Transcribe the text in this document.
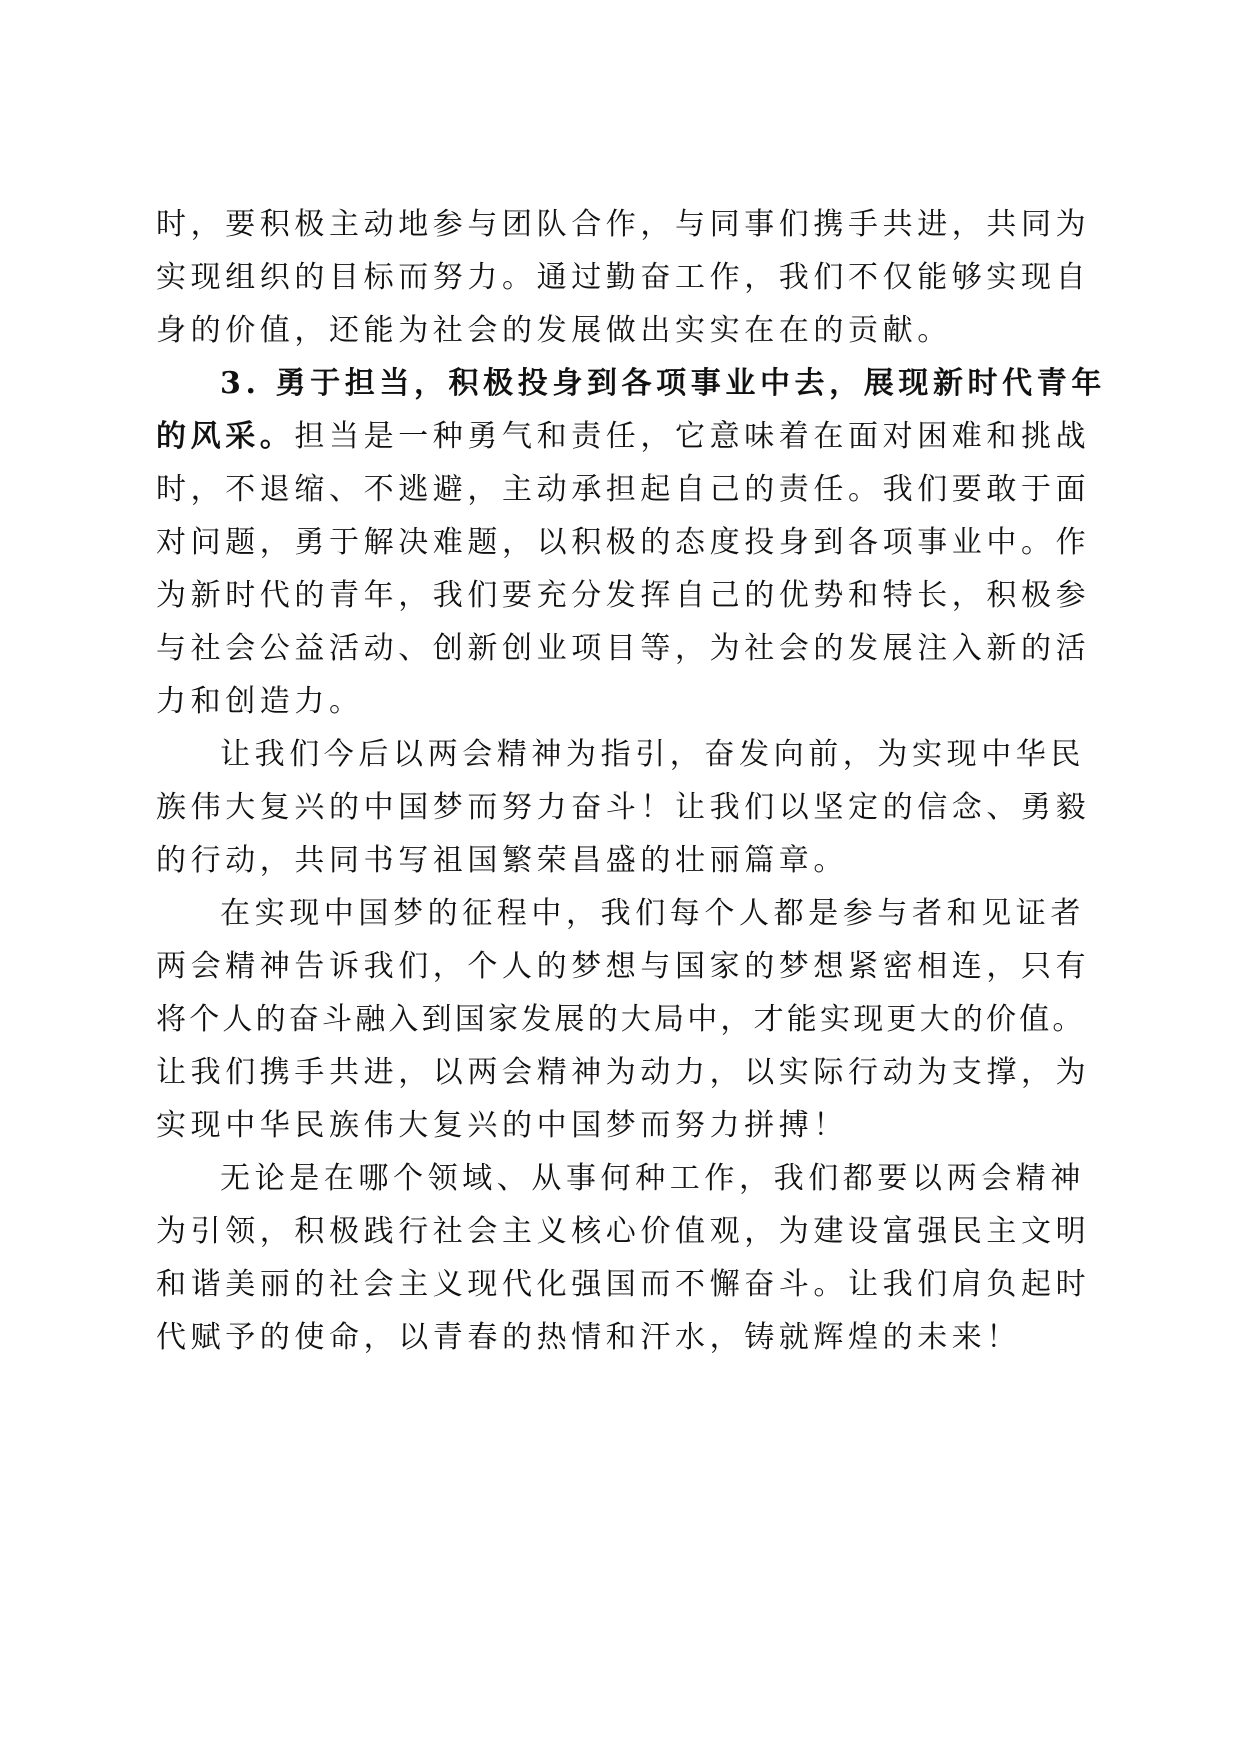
时，要积极主动地参与团队合作，与同事们携手共进，共同为
实现组织的目标而努力。通过勤奋工作，我们不仅能够实现自
身的价值，还能为社会的发展做出实实在在的贡献。
3. 勇于担当，积极投身到各项事业中去，展现新时代青年
的风采。担当是一种勇气和责任，它意味着在面对困难和挑战
时，不退缩、不逃避，主动承担起自己的责任。我们要敢于面
对问题，勇于解决难题，以积极的态度投身到各项事业中。作
为新时代的青年，我们要充分发挥自己的优势和特长，积极参
与社会公益活动、创新创业项目等，为社会的发展注入新的活
力和创造力。
让我们今后以两会精神为指引，奋发向前，为实现中华民
族伟大复兴的中国梦而努力奋斗！让我们以坚定的信念、勇毅
的行动，共同书写祖国繁荣昌盛的壮丽篇章。
在实现中国梦的征程中，我们每个人都是参与者和见证者
两会精神告诉我们，个人的梦想与国家的梦想紧密相连，只有
将个人的奋斗融入到国家发展的大局中，才能实现更大的价值。
让我们携手共进，以两会精神为动力，以实际行动为支撑，为
实现中华民族伟大复兴的中国梦而努力拼搏！
无论是在哪个领域、从事何种工作，我们都要以两会精神
为引领，积极践行社会主义核心价值观，为建设富强民主文明
和谐美丽的社会主义现代化强国而不懈奋斗。让我们肩负起时
代赋予的使命，以青春的热情和汗水，铸就辉煌的未来！
